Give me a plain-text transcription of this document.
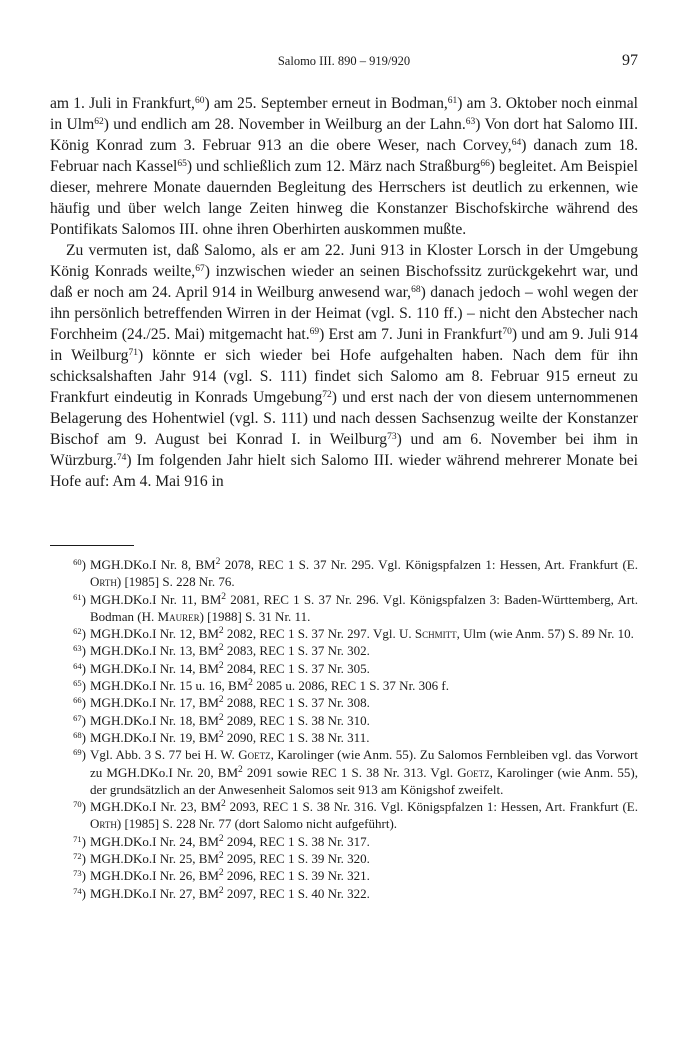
Salomo III. 890 – 919/920	97

am 1. Juli in Frankfurt,$^{60}$) am 25. September erneut in Bodman,$^{61}$) am 3. Oktober noch einmal in Ulm$^{62}$) und endlich am 28. November in Weilburg an der Lahn.$^{63}$) Von dort hat Salomo III. König Konrad zum 3. Februar 913 an die obere Weser, nach Corvey,$^{64}$) danach zum 18. Februar nach Kassel$^{65}$) und schließlich zum 12. März nach Straßburg$^{66}$) begleitet. Am Beispiel dieser, mehrere Monate dauernden Begleitung des Herrschers ist deutlich zu erkennen, wie häufig und über welch lange Zeiten hinweg die Konstanzer Bischofskirche während des Pontifikats Salomos III. ohne ihren Oberhirten auskommen mußte.

Zu vermuten ist, daß Salomo, als er am 22. Juni 913 in Kloster Lorsch in der Umgebung König Konrads weilte,$^{67}$) inzwischen wieder an seinen Bischofssitz zurückgekehrt war, und daß er noch am 24. April 914 in Weilburg anwesend war,$^{68}$) danach jedoch – wohl wegen der ihn persönlich betreffenden Wirren in der Heimat (vgl. S. 110 ff.) – nicht den Abstecher nach Forchheim (24./25. Mai) mitgemacht hat.$^{69}$) Erst am 7. Juni in Frankfurt$^{70}$) und am 9. Juli 914 in Weilburg$^{71}$) könnte er sich wieder bei Hofe aufgehalten haben. Nach dem für ihn schicksalshaften Jahr 914 (vgl. S. 111) findet sich Salomo am 8. Februar 915 erneut zu Frankfurt eindeutig in Konrads Umgebung$^{72}$) und erst nach der von diesem unternommenen Belagerung des Hohentwiel (vgl. S. 111) und nach dessen Sachsenzug weilte der Konstanzer Bischof am 9. August bei Konrad I. in Weilburg$^{73}$) und am 6. November bei ihm in Würzburg.$^{74}$) Im folgenden Jahr hielt sich Salomo III. wieder während mehrerer Monate bei Hofe auf: Am 4. Mai 916 in

$^{60}$) MGH.DKo.I Nr. 8, $BM^2$ 2078, REC 1 S. 37 Nr. 295. Vgl. Königspfalzen 1: Hessen, Art. Frankfurt (E. Orth) [1985] S. 228 Nr. 76.
$^{61}$) MGH.DKo.I Nr. 11, $BM^2$ 2081, REC 1 S. 37 Nr. 296. Vgl. Königspfalzen 3: Baden-Württemberg, Art. Bodman (H. Maurer) [1988] S. 31 Nr. 11.
$^{62}$) MGH.DKo.I Nr. 12, $BM^2$ 2082, REC 1 S. 37 Nr. 297. Vgl. U. Schmitt, Ulm (wie Anm. 57) S. 89 Nr. 10.
$^{63}$) MGH.DKo.I Nr. 13, $BM^2$ 2083, REC 1 S. 37 Nr. 302.
$^{64}$) MGH.DKo.I Nr. 14, $BM^2$ 2084, REC 1 S. 37 Nr. 305.
$^{65}$) MGH.DKo.I Nr. 15 u. 16, $BM^2$ 2085 u. 2086, REC 1 S. 37 Nr. 306 f.
$^{66}$) MGH.DKo.I Nr. 17, $BM^2$ 2088, REC 1 S. 37 Nr. 308.
$^{67}$) MGH.DKo.I Nr. 18, $BM^2$ 2089, REC 1 S. 38 Nr. 310.
$^{68}$) MGH.DKo.I Nr. 19, $BM^2$ 2090, REC 1 S. 38 Nr. 311.
$^{69}$) Vgl. Abb. 3 S. 77 bei H. W. Goetz, Karolinger (wie Anm. 55). Zu Salomos Fernbleiben vgl. das Vorwort zu MGH.DKo.I Nr. 20, $BM^2$ 2091 sowie REC 1 S. 38 Nr. 313. Vgl. Goetz, Karolinger (wie Anm. 55), der grundsätzlich an der Anwesenheit Salomos seit 913 am Königshof zweifelt.
$^{70}$) MGH.DKo.I Nr. 23, $BM^2$ 2093, REC 1 S. 38 Nr. 316. Vgl. Königspfalzen 1: Hessen, Art. Frankfurt (E. Orth) [1985] S. 228 Nr. 77 (dort Salomo nicht aufgeführt).
$^{71}$) MGH.DKo.I Nr. 24, $BM^2$ 2094, REC 1 S. 38 Nr. 317.
$^{72}$) MGH.DKo.I Nr. 25, $BM^2$ 2095, REC 1 S. 39 Nr. 320.
$^{73}$) MGH.DKo.I Nr. 26, $BM^2$ 2096, REC 1 S. 39 Nr. 321.
$^{74}$) MGH.DKo.I Nr. 27, $BM^2$ 2097, REC 1 S. 40 Nr. 322.
